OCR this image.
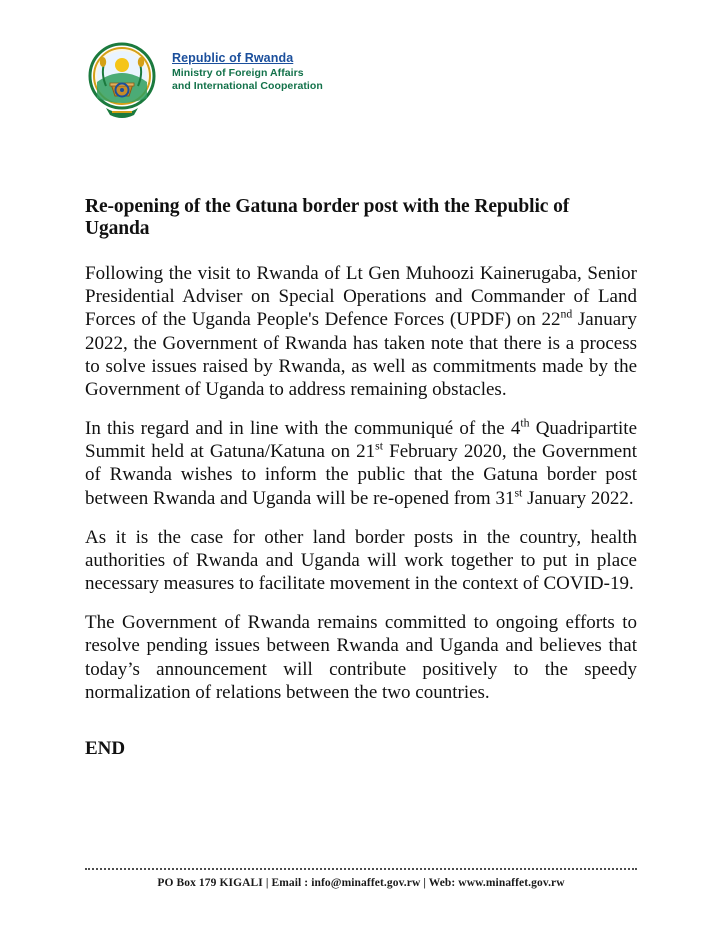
Republic of Rwanda
Ministry of Foreign Affairs
and International Cooperation
Re-opening of the Gatuna border post with the Republic of Uganda

Following the visit to Rwanda of Lt Gen Muhoozi Kainerugaba, Senior Presidential Adviser on Special Operations and Commander of Land Forces of the Uganda People's Defence Forces (UPDF) on 22nd January 2022, the Government of Rwanda has taken note that there is a process to solve issues raised by Rwanda, as well as commitments made by the Government of Uganda to address remaining obstacles.

In this regard and in line with the communiqué of the 4th Quadripartite Summit held at Gatuna/Katuna on 21st February 2020, the Government of Rwanda wishes to inform the public that the Gatuna border post between Rwanda and Uganda will be re-opened from 31st January 2022.

As it is the case for other land border posts in the country, health authorities of Rwanda and Uganda will work together to put in place necessary measures to facilitate movement in the context of COVID-19.

The Government of Rwanda remains committed to ongoing efforts to resolve pending issues between Rwanda and Uganda and believes that today’s announcement will contribute positively to the speedy normalization of relations between the two countries.

END
PO Box 179 KIGALI | Email : info@minaffet.gov.rw | Web: www.minaffet.gov.rw
